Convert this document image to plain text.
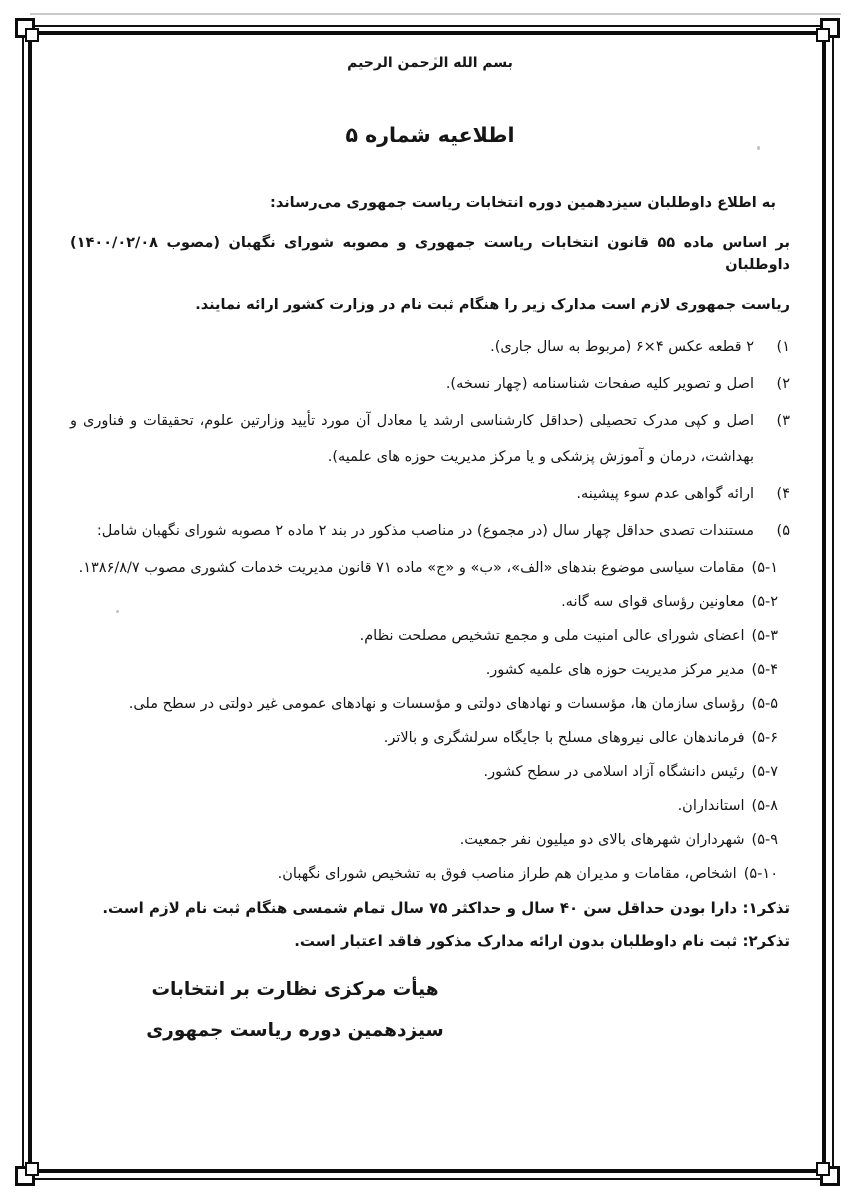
بسم الله الرحمن الرحیم
اطلاعیه شماره ۵
به اطلاع داوطلبان سیزدهمین دوره انتخابات ریاست جمهوری می‌رساند:
بر اساس ماده ۵۵ قانون انتخابات ریاست جمهوری و مصوبه شورای نگهبان (مصوب ۱۴۰۰/۰۲/۰۸) داوطلبان
ریاست جمهوری لازم است مدارک زیر را هنگام ثبت نام در وزارت کشور ارائه نمایند.
۱)
۲ قطعه عکس ۴×۶ (مربوط به سال جاری).
۲)
اصل و تصویر کلیه صفحات شناسنامه (چهار نسخه).
۳)
اصل و کپی مدرک تحصیلی (حداقل کارشناسی ارشد یا معادل آن مورد تأیید وزارتین علوم، تحقیقات و فناوری و
بهداشت، درمان و آموزش پزشکی و یا مرکز مدیریت حوزه های علمیه).
۴)
ارائه گواهی عدم سوء پیشینه.
۵)
مستندات تصدی حداقل چهار سال (در مجموع) در مناصب مذکور در بند ۲ ماده ۲ مصوبه شورای نگهبان شامل:
۵-۱)
مقامات سیاسی موضوع بندهای «الف»، «ب» و «ج» ماده ۷۱ قانون مدیریت خدمات کشوری مصوب ۱۳۸۶/۸/۷.
۵-۲)
معاونین رؤسای قوای سه گانه.
۵-۳)
اعضای شورای عالی امنیت ملی و مجمع تشخیص مصلحت نظام.
۵-۴)
مدیر مرکز مدیریت حوزه های علمیه کشور.
۵-۵)
رؤسای سازمان ها، مؤسسات و نهادهای دولتی و مؤسسات و نهادهای عمومی غیر دولتی در سطح ملی.
۵-۶)
فرماندهان عالی نیروهای مسلح با جایگاه سرلشگری و بالاتر.
۵-۷)
رئیس دانشگاه آزاد اسلامی در سطح کشور.
۵-۸)
استانداران.
۵-۹)
شهرداران شهرهای بالای دو میلیون نفر جمعیت.
۵-۱۰)
اشخاص، مقامات و مدیران هم طراز مناصب فوق به تشخیص شورای نگهبان.
تذکر۱: دارا بودن حداقل سن ۴۰ سال و حداکثر ۷۵ سال تمام شمسی هنگام ثبت نام لازم است.
تذکر۲: ثبت نام داوطلبان بدون ارائه مدارک مذکور فاقد اعتبار است.
هیأت مرکزی نظارت بر انتخابات
سیزدهمین دوره ریاست جمهوری
